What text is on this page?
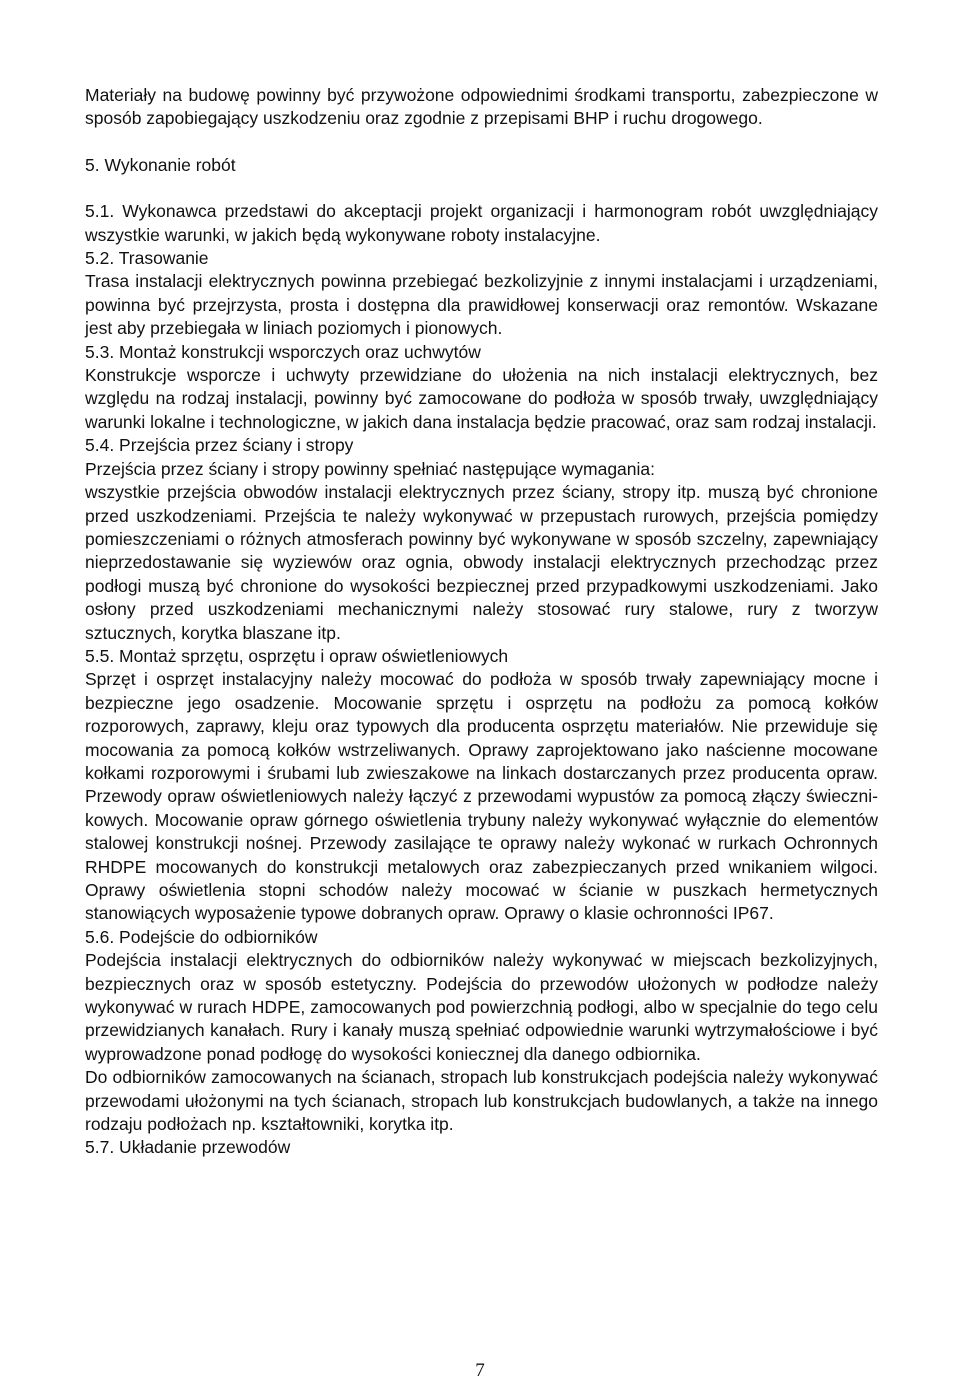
Materiały na budowę powinny być przywożone odpowiednimi środkami transportu, zabezpieczone w sposób zapobiegający uszkodzeniu oraz zgodnie z przepisami BHP i ruchu drogowego.

5. Wykonanie robót

5.1. Wykonawca przedstawi do akceptacji projekt organizacji i harmonogram robót uwzględniający wszystkie warunki, w jakich będą wykonywane roboty instalacyjne.

5.2. Trasowanie

Trasa instalacji elektrycznych powinna przebiegać bezkolizyjnie z innymi instalacjami i urządzeniami, powinna być przejrzysta, prosta i dostępna dla prawidłowej konserwacji oraz remontów. Wskazane jest aby przebiegała w liniach poziomych i pionowych.

5.3. Montaż konstrukcji wsporczych oraz uchwytów

Konstrukcje wsporcze i uchwyty przewidziane do ułożenia na nich instalacji elektrycznych, bez względu na rodzaj instalacji, powinny być zamocowane do podłoża w sposób trwały, uwzględniający warunki lokalne i technologiczne, w jakich dana instalacja będzie pracować, oraz sam rodzaj instalacji.

5.4. Przejścia przez ściany i stropy

Przejścia przez ściany i stropy powinny spełniać następujące wymagania:

wszystkie przejścia obwodów instalacji elektrycznych przez ściany, stropy itp. muszą być chronione przed uszkodzeniami. Przejścia te należy wykonywać w przepustach rurowych, przejścia pomiędzy pomieszczeniami o różnych atmosferach powinny być wykonywane w sposób szczelny, zapewniający nieprzedostawanie się wyziewów oraz ognia, obwody instalacji elektrycznych przechodząc przez podłogi muszą być chronione do wysokości bezpiecznej przed przypadkowymi uszkodzeniami. Jako osłony przed uszkodzeniami mechanicznymi należy stosować rury stalowe, rury z tworzyw sztucznych, korytka blaszane itp.

5.5. Montaż sprzętu, osprzętu i opraw oświetleniowych

Sprzęt i osprzęt instalacyjny należy mocować do podłoża w sposób trwały zapewniający mocne i bezpieczne jego osadzenie. Mocowanie sprzętu i osprzętu na podłożu za pomocą kołków rozporowych, zaprawy, kleju oraz typowych dla producenta osprzętu materiałów. Nie przewiduje się mocowania za pomocą kołków wstrzeliwanych. Oprawy zaprojektowano jako naścienne mocowane kołkami rozporowymi i śrubami lub zwieszakowe na linkach dostarczanych przez producenta opraw. Przewody opraw oświetleniowych należy łączyć z przewodami wypustów za pomocą złączy świeczni-kowych. Mocowanie opraw górnego oświetlenia trybuny należy wykonywać wyłącznie do elementów stalowej konstrukcji nośnej. Przewody zasilające te oprawy należy wykonać w rurkach Ochronnych RHDPE mocowanych do konstrukcji metalowych oraz zabezpieczanych przed wnikaniem wilgoci. Oprawy oświetlenia stopni schodów należy mocować w ścianie w puszkach hermetycznych stanowiących wyposażenie typowe dobranych opraw. Oprawy o klasie ochronności IP67.

5.6. Podejście do odbiorników

Podejścia instalacji elektrycznych do odbiorników należy wykonywać w miejscach bezkolizyjnych, bezpiecznych oraz w sposób estetyczny. Podejścia do przewodów ułożonych w podłodze należy wykonywać w rurach HDPE, zamocowanych pod powierzchnią podłogi, albo w specjalnie do tego celu przewidzianych kanałach. Rury i kanały muszą spełniać odpowiednie warunki wytrzymałościowe i być wyprowadzone ponad podłogę do wysokości koniecznej dla danego odbiornika.

Do odbiorników zamocowanych na ścianach, stropach lub konstrukcjach podejścia należy wykonywać przewodami ułożonymi na tych ścianach, stropach lub konstrukcjach budowlanych, a także na innego rodzaju podłożach np. kształtowniki, korytka itp.

5.7. Układanie przewodów

7
